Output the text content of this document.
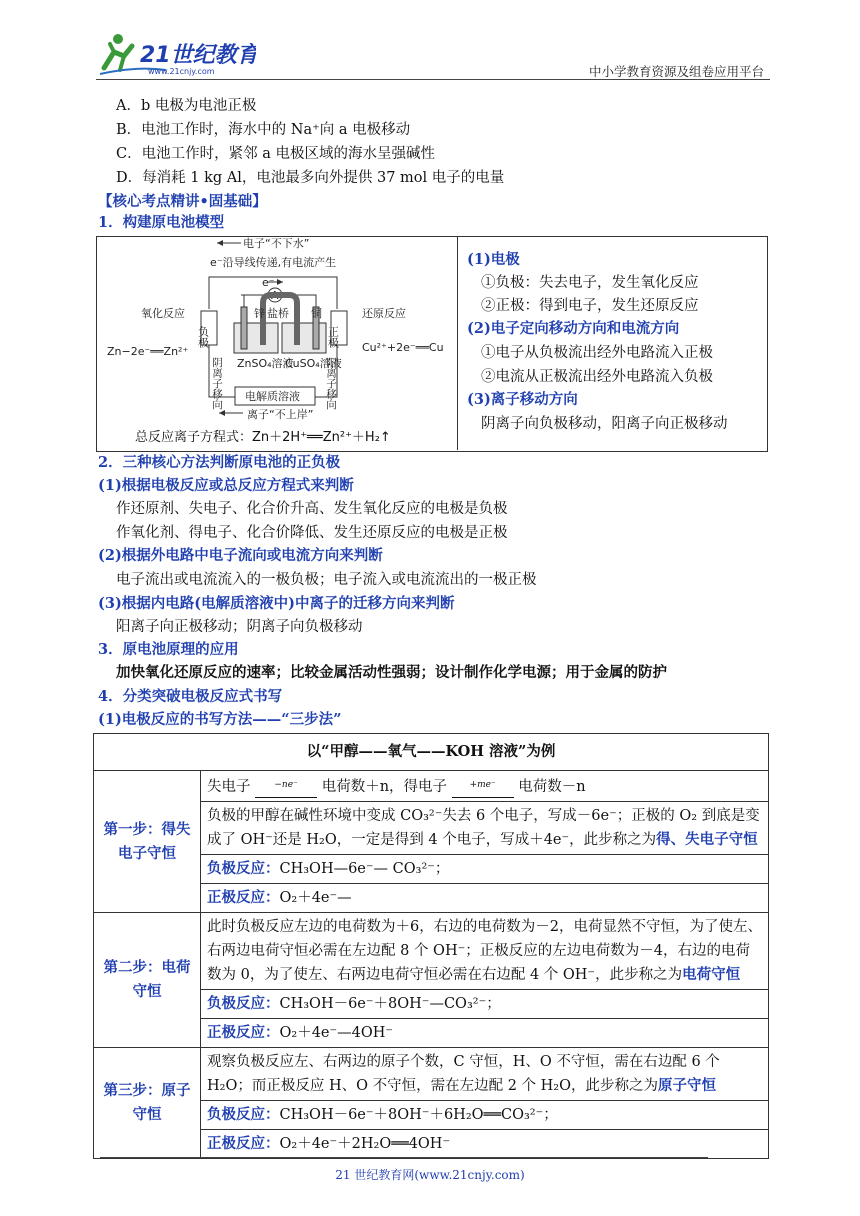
21世纪教育
www.21cnjy.com	中小学教育资源及组卷应用平台
A．b 电极为电池正极
B．电池工作时，海水中的 Na⁺向 a 电极移动
C．电池工作时，紧邻 a 电极区域的海水呈强碱性
D．每消耗 1 kg Al，电池最多向外提供 37 mol 电子的电量
【核心考点精讲•固基础】
1．构建原电池模型
电子“不下水”
e⁻沿导线传递,有电流产生
A
e⁻
锌 盐桥 铜
氧化反应
负极
Zn−2e⁻══Zn²⁺
还原反应
正极 Cu²⁺+2e⁻══Cu
阴离子移向	阳离子移向
ZnSO₄溶液
CuSO₄溶液
电解质溶液
离子“不上岸”
总反应离子方程式：Zn＋2H⁺══Zn²⁺＋H₂↑
(1)电极
①负极：失去电子，发生氧化反应
②正极：得到电子，发生还原反应
(2)电子定向移动方向和电流方向
①电子从负极流出经外电路流入正极
②电流从正极流出经外电路流入负极
(3)离子移动方向
阴离子向负极移动，阳离子向正极移动
2．三种核心方法判断原电池的正负极
(1)根据电极反应或总反应方程式来判断
作还原剂、失电子、化合价升高、发生氧化反应的电极是负极
作氧化剂、得电子、化合价降低、发生还原反应的电极是正极
(2)根据外电路中电子流向或电流方向来判断
电子流出或电流流入的一极负极；电子流入或电流流出的一极正极
(3)根据内电路(电解质溶液中)中离子的迁移方向来判断
阳离子向正极移动；阴离子向负极移动
3．原电池原理的应用
加快氧化还原反应的速率；比较金属活动性强弱；设计制作化学电源；用于金属的防护
4．分类突破电极反应式书写
(1)电极反应的书写方法——“三步法”
以“甲醇——氧气——KOH 溶液”为例	
第一步：得失电子守恒	失电子 −ne⁻ 电荷数＋n，得电子 +me⁻ 电荷数－n
	负极的甲醇在碱性环境中变成 CO₃²⁻失去 6 个电子，写成－6e⁻；正极的 O₂ 到底是变成了 OH⁻还是 H₂O，一定是得到 4 个电子，写成＋4e⁻，此步称之为得、失电子守恒
	负极反应：CH₃OH—6e⁻— CO₃²⁻；
	正极反应：O₂＋4e⁻—
第二步：电荷守恒	此时负极反应左边的电荷数为＋6，右边的电荷数为－2，电荷显然不守恒，为了使左、右两边电荷守恒必需在左边配 8 个 OH⁻；正极反应的左边电荷数为－4，右边的电荷数为 0，为了使左、右两边电荷守恒必需在右边配 4 个 OH⁻，此步称之为电荷守恒
	负极反应：CH₃OH－6e⁻＋8OH⁻—CO₃²⁻；
	正极反应：O₂＋4e⁻—4OH⁻
第三步：原子守恒	观察负极反应左、右两边的原子个数，C 守恒，H、O 不守恒，需在右边配 6 个 H₂O；而正极反应 H、O 不守恒，需在左边配 2 个 H₂O，此步称之为原子守恒
	负极反应：CH₃OH－6e⁻＋8OH⁻＋6H₂O══CO₃²⁻；
	正极反应：O₂＋4e⁻＋2H₂O══4OH⁻
21 世纪教育网(www.21cnjy.com)
